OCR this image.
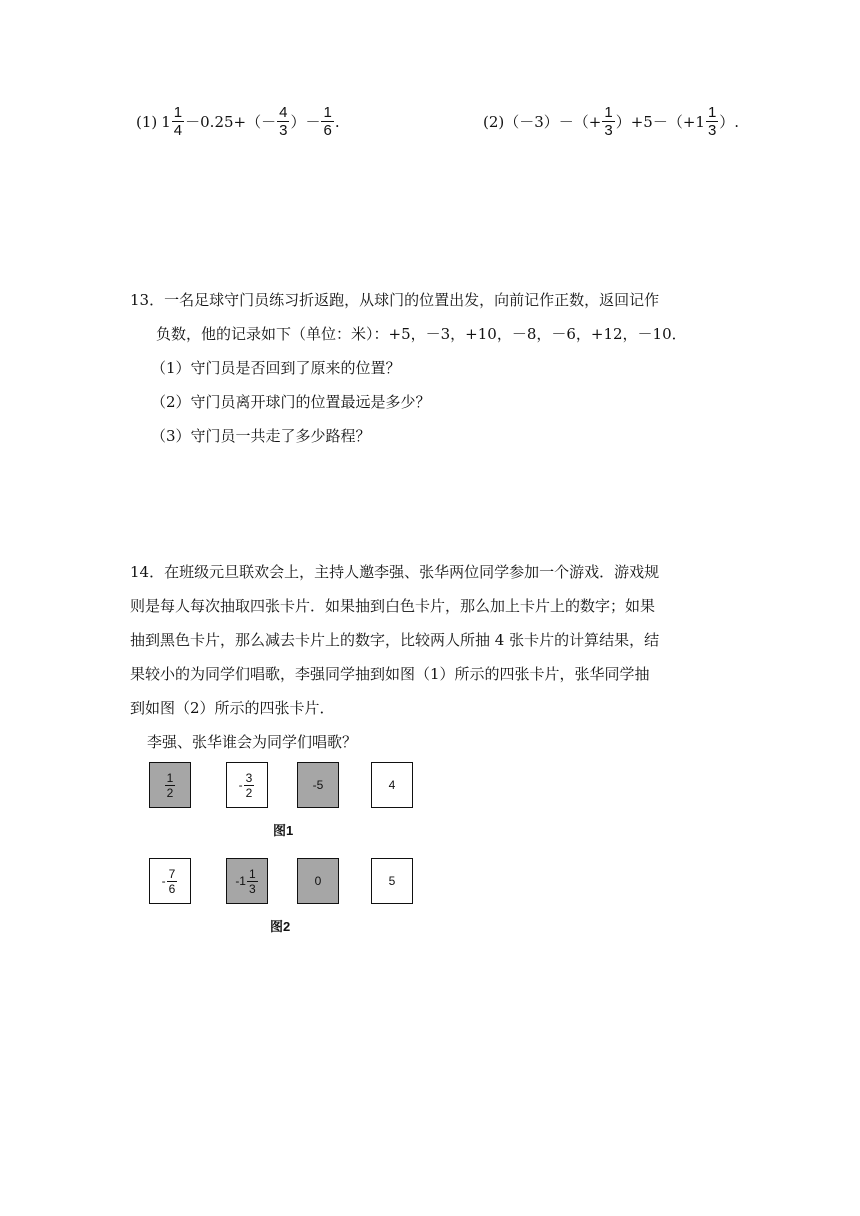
(1) $1 \frac{1}{4} -0.25+(- \frac{4}{3}$ ）－ $\frac{1}{6}$ .	(2) $(-3)-(+ \frac{1}{3} )+5-(+1 \frac{1}{3}$ ）.
13．一名足球守门员练习折返跑，从球门的位置出发，向前记作正数，返回记作
负数，他的记录如下（单位：米）：+5，－3，+10，－8，－6，+12，－10．
（1）守门员是否回到了原来的位置？
（2）守门员离开球门的位置最远是多少？
（3）守门员一共走了多少路程？
14．在班级元旦联欢会上，主持人邀李强、张华两位同学参加一个游戏．游戏规
则是每人每次抽取四张卡片．如果抽到白色卡片，那么加上卡片上的数字；如果
抽到黑色卡片，那么减去卡片上的数字，比较两人所抽 4 张卡片的计算结果，结
果较小的为同学们唱歌，李强同学抽到如图（1）所示的四张卡片，张华同学抽
到如图（2）所示的四张卡片．
李强、张华谁会为同学们唱歌？
$\frac{1}{2}$	- $\frac{3}{2}$	-5	4
图1
- $\frac{7}{6}$	$-1 \frac{1}{3}$	0	5
图2
